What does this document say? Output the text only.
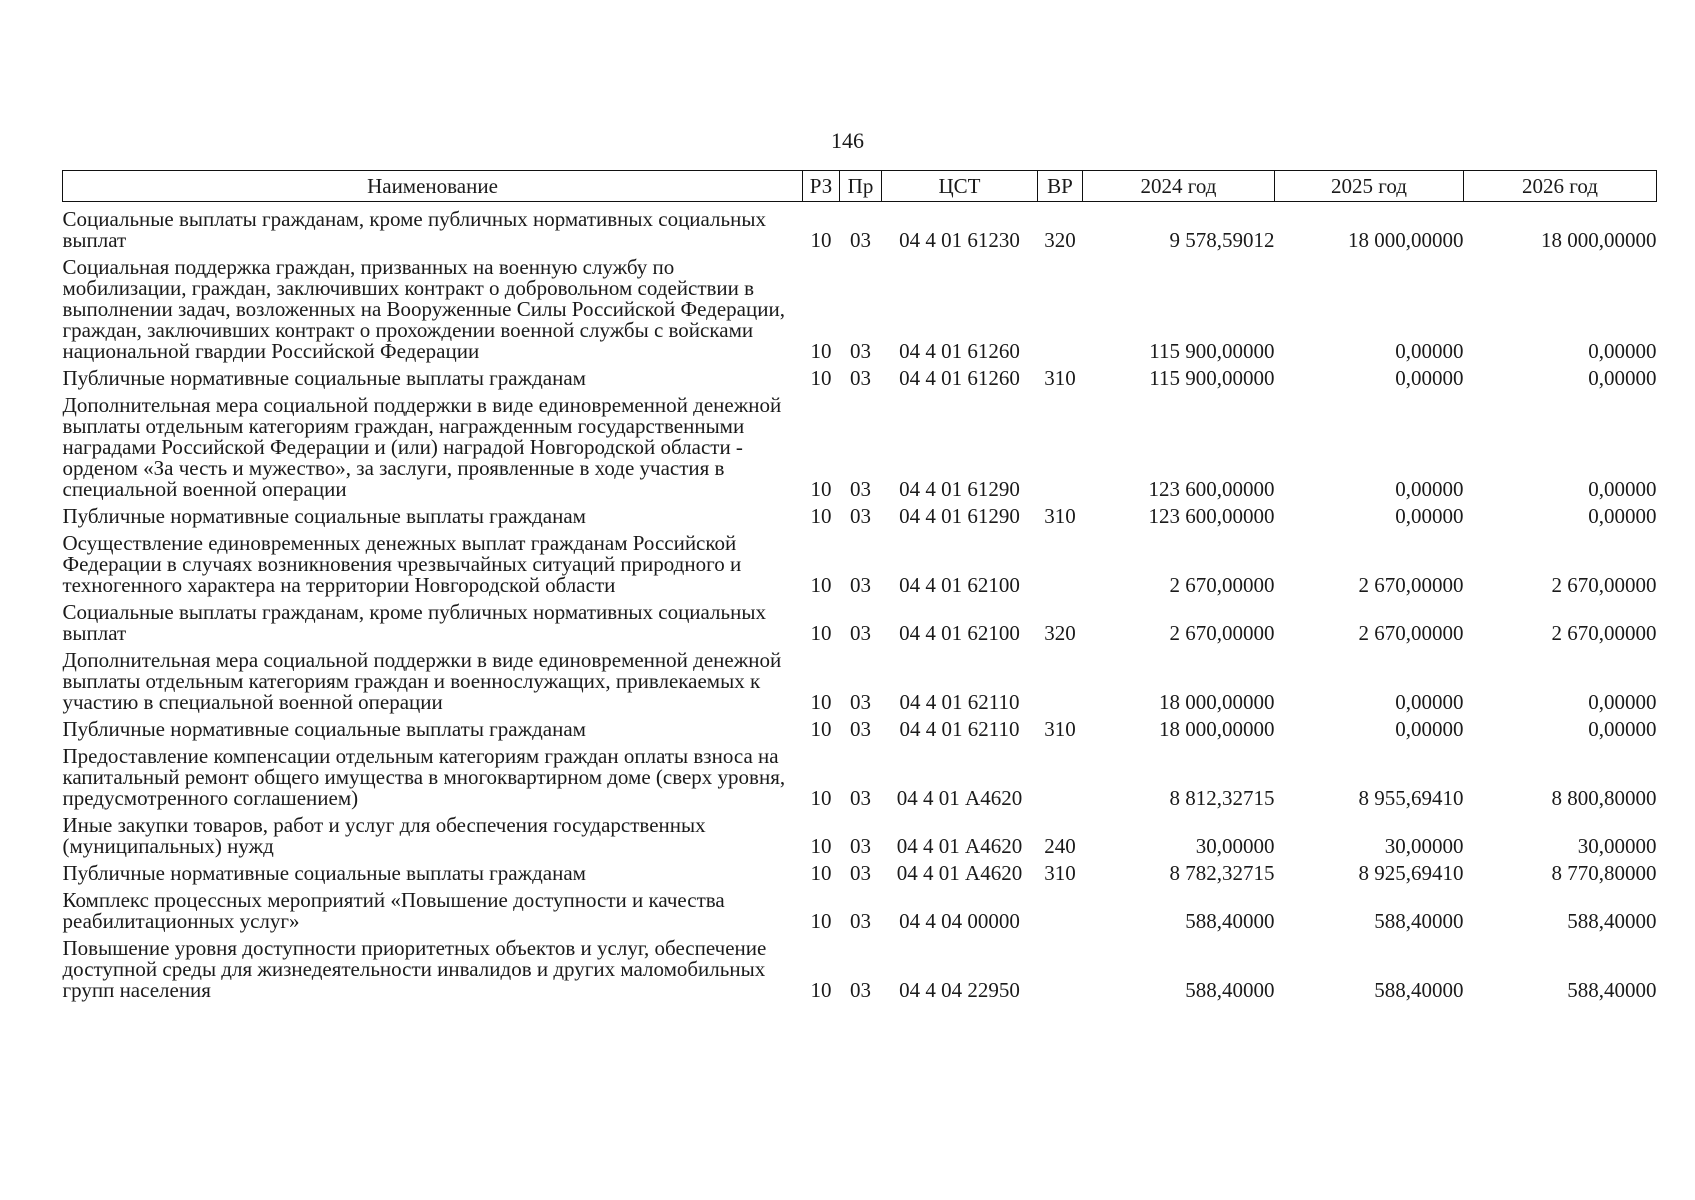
146
Наименование	РЗ	Пр	ЦСТ	ВР	2024 год	2025 год	2026 год
Социальные выплаты гражданам, кроме публичных нормативных социальных выплат	10	03	04 4 01 61230	320	9 578,59012	18 000,00000	18 000,00000
Социальная поддержка граждан, призванных на военную службу по мобилизации, граждан, заключивших контракт о добровольном содействии в выполнении задач, возложенных на Вооруженные Силы Российской Федерации, граждан, заключивших контракт о прохождении военной службы с войсками национальной гвардии Российской Федерации	10	03	04 4 01 61260		115 900,00000	0,00000	0,00000
Публичные нормативные социальные выплаты гражданам	10	03	04 4 01 61260	310	115 900,00000	0,00000	0,00000
Дополнительная мера социальной поддержки в виде единовременной денежной выплаты отдельным категориям граждан, награжденным государственными наградами Российской Федерации и (или) наградой Новгородской области - орденом «За честь и мужество», за заслуги, проявленные в ходе участия в специальной военной операции	10	03	04 4 01 61290		123 600,00000	0,00000	0,00000
Публичные нормативные социальные выплаты гражданам	10	03	04 4 01 61290	310	123 600,00000	0,00000	0,00000
Осуществление единовременных денежных выплат гражданам Российской Федерации в случаях возникновения чрезвычайных ситуаций природного и техногенного характера на территории Новгородской области	10	03	04 4 01 62100		2 670,00000	2 670,00000	2 670,00000
Социальные выплаты гражданам, кроме публичных нормативных социальных выплат	10	03	04 4 01 62100	320	2 670,00000	2 670,00000	2 670,00000
Дополнительная мера социальной поддержки в виде единовременной денежной выплаты отдельным категориям граждан и военнослужащих, привлекаемых к участию в специальной военной операции	10	03	04 4 01 62110		18 000,00000	0,00000	0,00000
Публичные нормативные социальные выплаты гражданам	10	03	04 4 01 62110	310	18 000,00000	0,00000	0,00000
Предоставление компенсации отдельным категориям граждан оплаты взноса на капитальный ремонт общего имущества в многоквартирном доме (сверх уровня, предусмотренного соглашением)	10	03	04 4 01 А4620		8 812,32715	8 955,69410	8 800,80000
Иные закупки товаров, работ и услуг для обеспечения государственных (муниципальных) нужд	10	03	04 4 01 А4620	240	30,00000	30,00000	30,00000
Публичные нормативные социальные выплаты гражданам	10	03	04 4 01 А4620	310	8 782,32715	8 925,69410	8 770,80000
Комплекс процессных мероприятий «Повышение доступности и качества реабилитационных услуг»	10	03	04 4 04 00000		588,40000	588,40000	588,40000
Повышение уровня доступности приоритетных объектов и услуг, обеспечение доступной среды для жизнедеятельности инвалидов и других маломобильных групп населения	10	03	04 4 04 22950		588,40000	588,40000	588,40000
